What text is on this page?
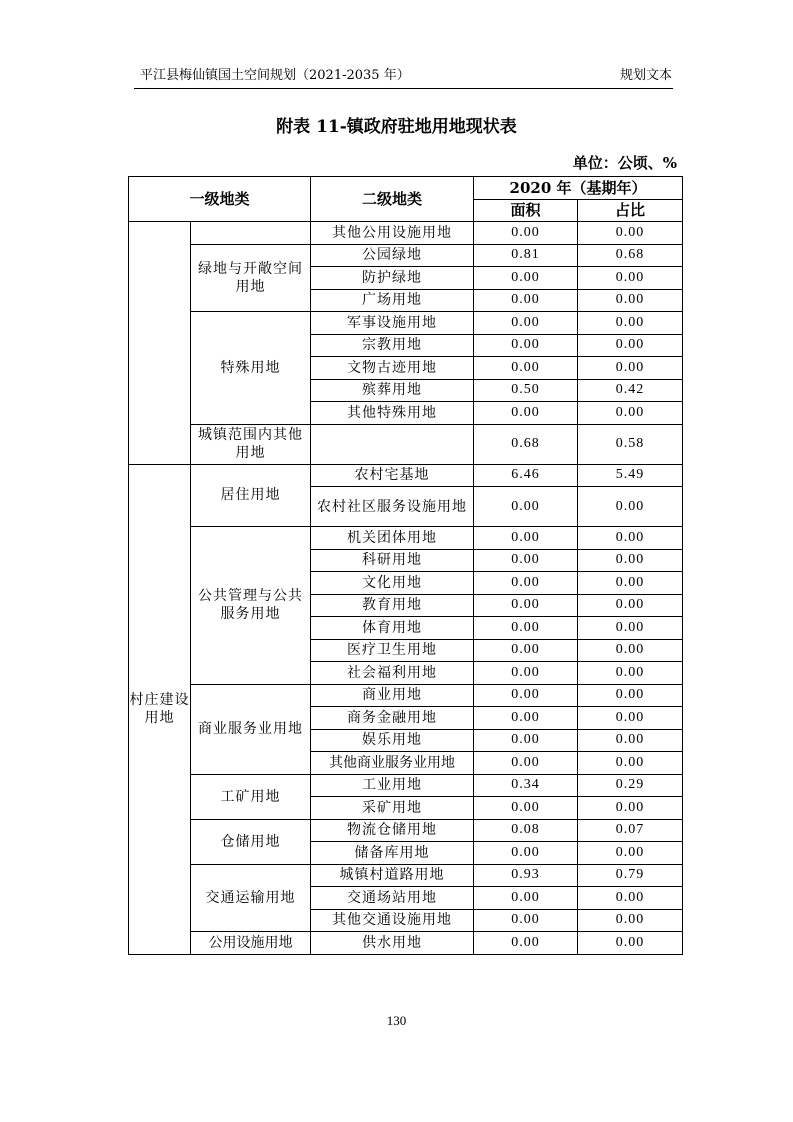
平江县梅仙镇国土空间规划（2021-2035 年）	规划文本
附表 11-镇政府驻地用地现状表
单位：公顷、%
一级地类		二级地类	2020 年（基期年）	
			面积	占比
		其他公用设施用地	0.00	0.00
	绿地与开敞空间用地	公园绿地	0.81	0.68
		防护绿地	0.00	0.00
		广场用地	0.00	0.00
	特殊用地	军事设施用地	0.00	0.00
		宗教用地	0.00	0.00
		文物古迹用地	0.00	0.00
		殡葬用地	0.50	0.42
		其他特殊用地	0.00	0.00
	城镇范围内其他用地		0.68	0.58
村庄建设用地	居住用地	农村宅基地	6.46	5.49
		农村社区服务设施用地	0.00	0.00
	公共管理与公共服务用地	机关团体用地	0.00	0.00
		科研用地	0.00	0.00
		文化用地	0.00	0.00
		教育用地	0.00	0.00
		体育用地	0.00	0.00
		医疗卫生用地	0.00	0.00
		社会福利用地	0.00	0.00
	商业服务业用地	商业用地	0.00	0.00
		商务金融用地	0.00	0.00
		娱乐用地	0.00	0.00
		其他商业服务业用地	0.00	0.00
	工矿用地	工业用地	0.34	0.29
		采矿用地	0.00	0.00
	仓储用地	物流仓储用地	0.08	0.07
		储备库用地	0.00	0.00
	交通运输用地	城镇村道路用地	0.93	0.79
		交通场站用地	0.00	0.00
		其他交通设施用地	0.00	0.00
	公用设施用地	供水用地	0.00	0.00
130
